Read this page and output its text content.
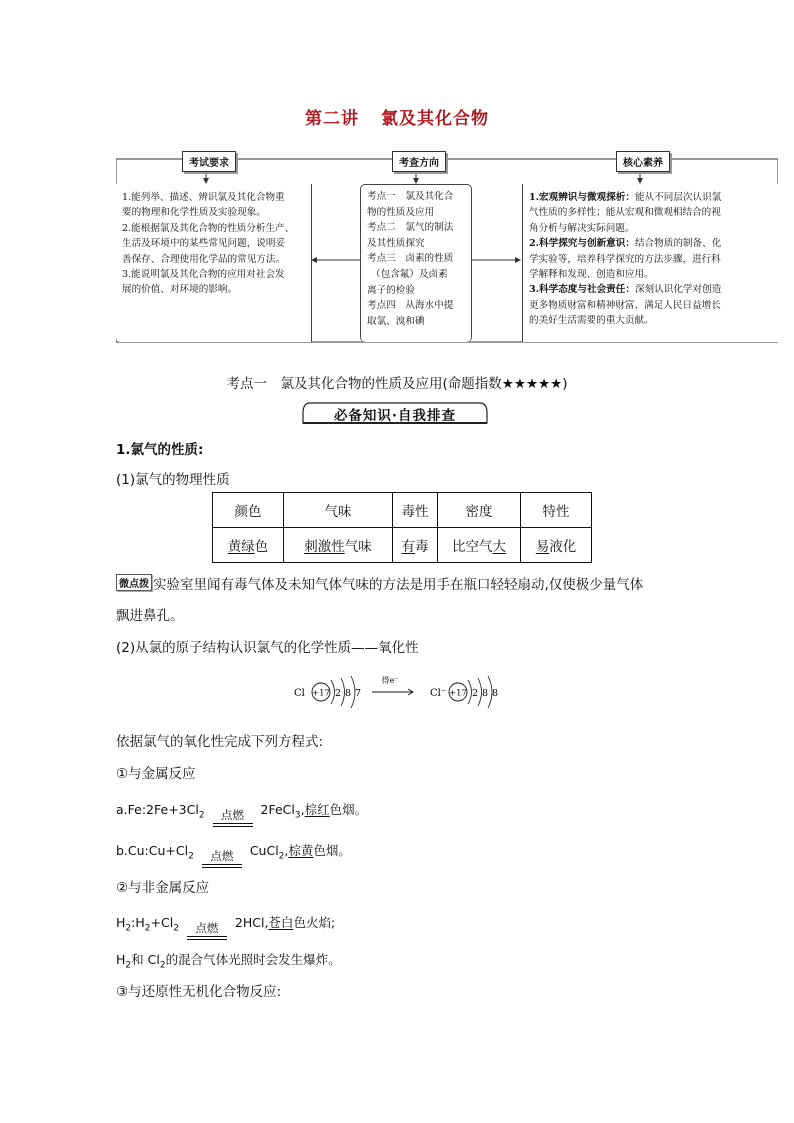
第二讲 氯及其化合物
考试要求	考查方向	核心素养
1.能列举、描述、辨识氯及其化合物重
要的物理和化学性质及实验现象。
2.能根据氯及其化合物的性质分析生产、
生活及环境中的某些常见问题，说明妥
善保存、合理使用化学品的常见方法。
3.能说明氯及其化合物的应用对社会发
展的价值、对环境的影响。
考点一　氯及其化合
物的性质及应用
考点二　氯气的制法
及其性质探究
考点三　卤素的性质
（包含氟）及卤素
离子的检验
考点四　从海水中提
取氯、溴和碘
1.宏观辨识与微观探析：能从不同层次认识氯
气性质的多样性；能从宏观和微观相结合的视
角分析与解决实际问题。
2.科学探究与创新意识：结合物质的制备、化
学实验等，培养科学探究的方法步骤，进行科
学解释和发现、创造和应用。
3.科学态度与社会责任：深刻认识化学对创造
更多物质财富和精神财富、满足人民日益增长
的美好生活需要的重大贡献。
考点一　氯及其化合物的性质及应用(命题指数★★★★★)
必备知识·自我排查
1.氯气的性质:
(1)氯气的物理性质
颜色	气味	毒性	密度	特性
黄绿色	刺激性气味	有毒	比空气大	易液化
微点拨 实验室里闻有毒气体及未知气体气味的方法是用手在瓶口轻轻扇动,仅使极少量气体
飘进鼻孔。
(2)从氯的原子结构认识氯气的化学性质——氧化性
Cl +17 2 8 7
得e⁻
Cl⁻ +17 2 8 8
依据氯气的氧化性完成下列方程式:
①与金属反应
$a.Fe:2Fe+3Cl_2$	点燃	2FeCl$_3$,棕红色烟。
$b.Cu:Cu+Cl_2$	点燃	CuCl$_2$,棕黄色烟。
②与非金属反应
$H_2:H_2+Cl_2$	点燃	2HCl,苍白色火焰;
$H_2$和 $Cl_2$的混合气体光照时会发生爆炸。
③与还原性无机化合物反应:
